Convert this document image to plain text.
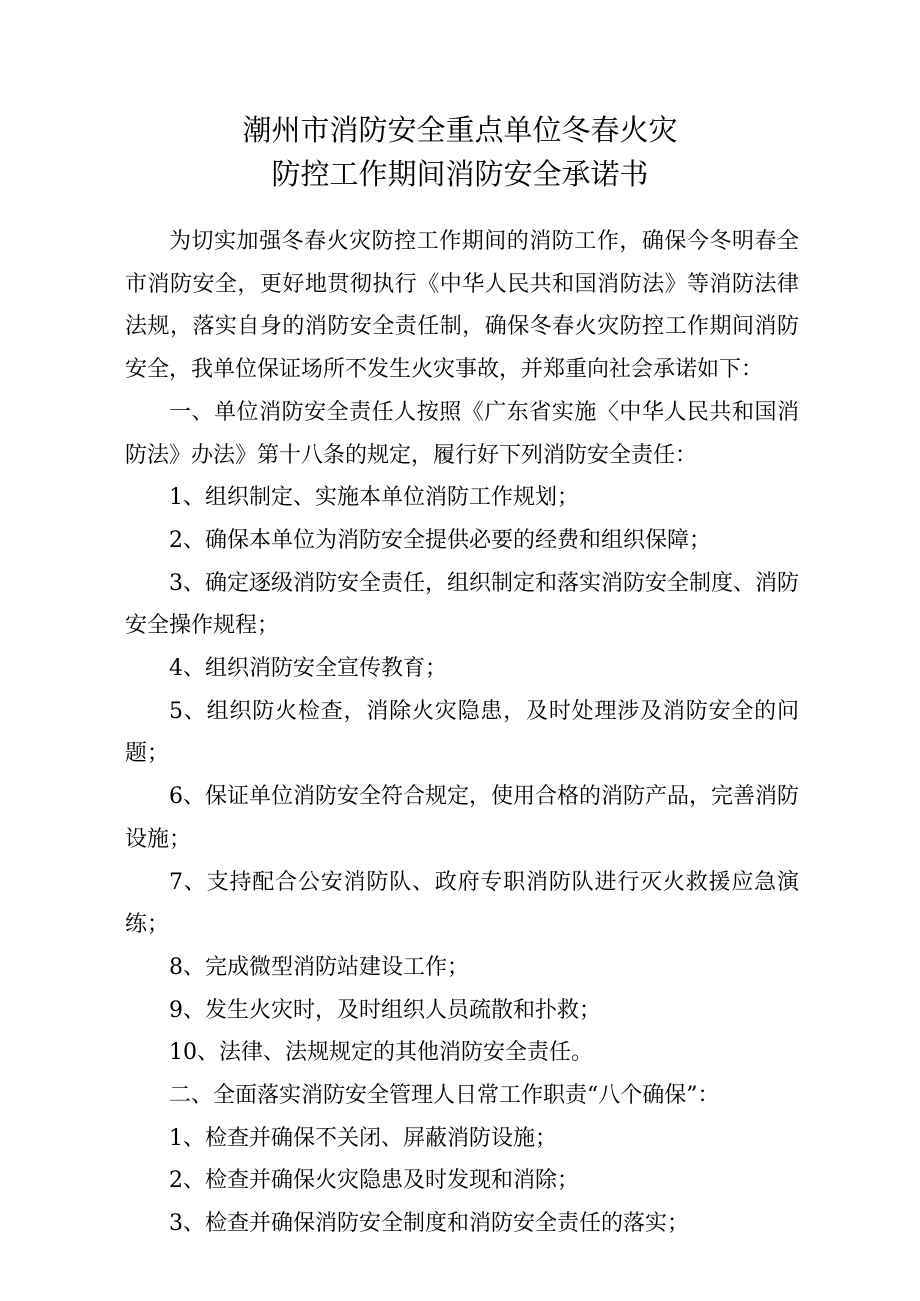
潮州市消防安全重点单位冬春火灾
防控工作期间消防安全承诺书

为切实加强冬春火灾防控工作期间的消防工作，确保今冬明春全市消防安全，更好地贯彻执行《中华人民共和国消防法》等消防法律法规，落实自身的消防安全责任制，确保冬春火灾防控工作期间消防安全，我单位保证场所不发生火灾事故，并郑重向社会承诺如下：

一、单位消防安全责任人按照《广东省实施〈中华人民共和国消防法》办法》第十八条的规定，履行好下列消防安全责任：

1、组织制定、实施本单位消防工作规划；

2、确保本单位为消防安全提供必要的经费和组织保障；

3、确定逐级消防安全责任，组织制定和落实消防安全制度、消防安全操作规程；

4、组织消防安全宣传教育；

5、组织防火检查，消除火灾隐患，及时处理涉及消防安全的问题；

6、保证单位消防安全符合规定，使用合格的消防产品，完善消防设施；

7、支持配合公安消防队、政府专职消防队进行灭火救援应急演练；

8、完成微型消防站建设工作；

9、发生火灾时，及时组织人员疏散和扑救；

10、法律、法规规定的其他消防安全责任。

二、全面落实消防安全管理人日常工作职责“八个确保”：

1、检查并确保不关闭、屏蔽消防设施；

2、检查并确保火灾隐患及时发现和消除；

3、检查并确保消防安全制度和消防安全责任的落实；
